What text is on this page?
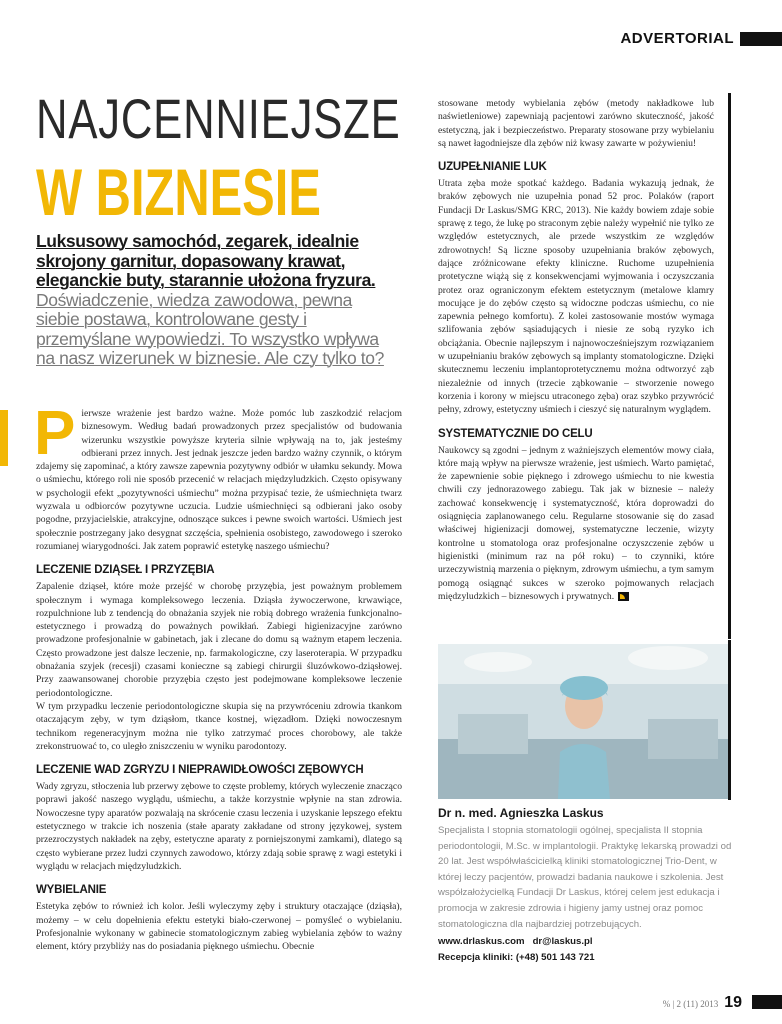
ADVERTORIAL
NAJCENNIEJSZE
W BIZNESIE
Luksusowy samochód, zegarek, idealnie skrojony garnitur, dopasowany krawat, eleganckie buty, starannie ułożona fryzura. Doświadczenie, wiedza zawodowa, pewna siebie postawa, kontrolowane gesty i przemyślane wypowiedzi. To wszystko wpływa na nasz wizerunek w biznesie. Ale czy tylko to?

Pierwsze wrażenie jest bardzo ważne. Może pomóc lub zaszkodzić relacjom biznesowym. Według badań prowadzonych przez specjalistów od budowania wizerunku wszystkie powyższe kryteria silnie wpływają na to, jak jesteśmy odbierani przez innych. Jest jednak jeszcze jeden bardzo ważny czynnik, o którym zdajemy się zapominać, a który zawsze zapewnia pozytywny odbiór w ułamku sekundy. Mowa o uśmiechu, którego roli nie sposób przecenić w relacjach międzyludzkich. Często opisywany w psychologii efekt „pozytywności uśmiechu” można przypisać tezie, że uśmiechnięta twarz wyzwala u odbiorców pozytywne uczucia. Ludzie uśmiechnięci są odbierani jako osoby pogodne, przyjacielskie, atrakcyjne, odnoszące sukces i pewne swoich wartości. Uśmiech jest społecznie postrzegany jako desygnat szczęścia, spełnienia osobistego, zawodowego i szeroko rozumianej wiarygodności. Jak zatem poprawić estetykę naszego uśmiechu?

LECZENIE DZIĄSEŁ I PRZYZĘBIA

Zapalenie dziąseł, które może przejść w chorobę przyzębia, jest poważnym problemem społecznym i wymaga kompleksowego leczenia. Dziąsła żywoczerwone, krwawiące, rozpulchnione lub z tendencją do obnażania szyjek nie robią dobrego wrażenia funkcjonalno-estetycznego i prowadzą do poważnych powikłań. Zabiegi higienizacyjne zarówno prowadzone profesjonalnie w gabinetach, jak i zlecane do domu są ważnym etapem leczenia. Często prowadzone jest dalsze leczenie, np. farmakologiczne, czy laseroterapia. W przypadku obnażania szyjek (recesji) czasami konieczne są zabiegi chirurgii śluzówkowo-dziąsłowej. Przy zaawansowanej chorobie przyzębia często jest podejmowane kompleksowe leczenie periodontologiczne.

W tym przypadku leczenie periodontologiczne skupia się na przywróceniu zdrowia tkankom otaczającym zęby, w tym dziąsłom, tkance kostnej, więzadłom. Dzięki nowoczesnym technikom regeneracyjnym można nie tylko zatrzymać proces chorobowy, ale także zrekonstruować to, co uległo zniszczeniu w wyniku parodontozy.

LECZENIE WAD ZGRYZU I NIEPRAWIDŁOWOŚCI ZĘBOWYCH

Wady zgryzu, stłoczenia lub przerwy zębowe to częste problemy, których wyleczenie znacząco poprawi jakość naszego wyglądu, uśmiechu, a także korzystnie wpłynie na stan zdrowia. Nowoczesne typy aparatów pozwalają na skrócenie czasu leczenia i uzyskanie lepszego efektu estetycznego w trakcie ich noszenia (stałe aparaty zakładane od strony językowej, system przezroczystych nakładek na zęby, estetyczne aparaty z porniejszonymi zamkami), dlatego są często wybierane przez ludzi czynnych zawodowo, którzy zdają sobie sprawę z wagi estetyki i wyglądu w relacjach międzyludzkich.

WYBIELANIE

Estetyka zębów to również ich kolor. Jeśli wyleczymy zęby i struktury otaczające (dziąsła), możemy – w celu dopełnienia efektu estetyki biało-czerwonej – pomyśleć o wybielaniu. Profesjonalnie wykonany w gabinecie stomatologicznym zabieg wybielania zębów to ważny element, który przybliży nas do posiadania pięknego uśmiechu. Obecnie

stosowane metody wybielania zębów (metody nakładkowe lub naświetleniowe) zapewniają pacjentowi zarówno skuteczność, jakość estetyczną, jak i bezpieczeństwo. Preparaty stosowane przy wybielaniu są nawet łagodniejsze dla zębów niż kwasy zawarte w pożywieniu!

UZUPEŁNIANIE LUK

Utrata zęba może spotkać każdego. Badania wykazują jednak, że braków zębowych nie uzupełnia ponad 52 proc. Polaków (raport Fundacji Dr Laskus/SMG KRC, 2013). Nie każdy bowiem zdaje sobie sprawę z tego, że lukę po straconym zębie należy wypełnić nie tylko ze względów estetycznych, ale przede wszystkim ze względów zdrowotnych! Są liczne sposoby uzupełniania braków zębowych, dające zróżnicowane efekty kliniczne. Ruchome uzupełnienia protetyczne wiążą się z konsekwencjami wyjmowania i oczyszczania protez oraz ograniczonym efektem estetycznym (metalowe klamry mocujące je do zębów często są widoczne podczas uśmiechu, co nie zapewnia pełnego komfortu). Z kolei zastosowanie mostów wymaga szlifowania zębów sąsiadujących i niesie ze sobą ryzyko ich obciążania. Obecnie najlepszym i najnowocześniejszym rozwiązaniem w uzupełnianiu braków zębowych są implanty stomatologiczne. Dzięki skutecznemu leczeniu implantoprotetycznemu można odtworzyć ząb niezależnie od innych (trzecie ząbkowanie – stworzenie nowego korzenia i korony w miejscu utraconego zęba) oraz szybko przywrócić pełny, zdrowy, estetyczny uśmiech i cieszyć się naturalnym wyglądem.

SYSTEMATYCZNIE DO CELU

Naukowcy są zgodni – jednym z ważniejszych elementów mowy ciała, które mają wpływ na pierwsze wrażenie, jest uśmiech. Warto pamiętać, że zapewnienie sobie pięknego i zdrowego uśmiechu to nie kwestia chwili czy jednorazowego zabiegu. Tak jak w biznesie – należy zachować konsekwencję i systematyczność, która doprowadzi do osiągnięcia zaplanowanego celu. Regularne stosowanie się do zasad właściwej higienizacji domowej, systematyczne leczenie, wizyty kontrolne u stomatologa oraz profesjonalne oczyszczenie zębów u higienistki (minimum raz na pół roku) – to czynniki, które urzeczywistnią marzenia o pięknym, zdrowym uśmiechu, a tym samym pomogą osiągnąć sukces w szeroko pojmowanych relacjach międzyludzkich – biznesowych i prywatnych.

Dr n. med. Agnieszka Laskus
Specjalista I stopnia stomatologii ogólnej, specjalista II stopnia periodontologii, M.Sc. w implantologii. Praktykę lekarską prowadzi od 20 lat. Jest współwłaścicielką kliniki stomatologicznej Trio-Dent, w której leczy pacjentów, prowadzi badania naukowe i szkolenia. Jest współzałożycielką Fundacji Dr Laskus, której celem jest edukacja i promocja w zakresie zdrowia i higieny jamy ustnej oraz pomoc stomatologiczna dla najbardziej potrzebujących.
www.drlaskus.com dr@laskus.pl
Recepcja kliniki: (+48) 501 143 721
% | 2 (11) 2013 19
